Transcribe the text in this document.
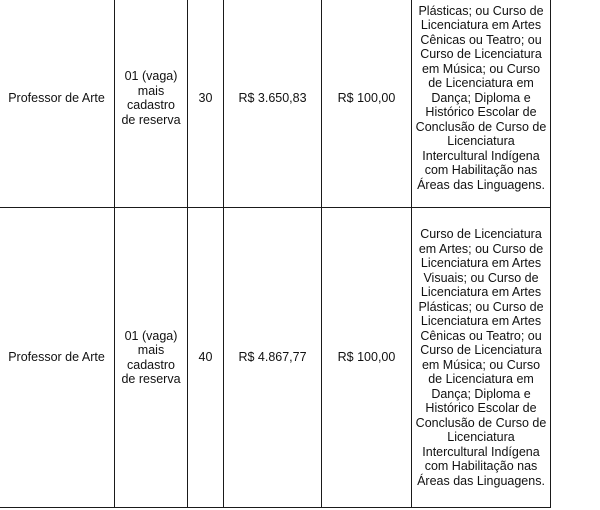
Professor de Arte	01 (vaga) mais cadastro de reserva	30	R$ 3.650,83	R$ 100,00	Plásticas; ou Curso de Licenciatura em Artes Cênicas ou Teatro; ou Curso de Licenciatura em Música; ou Curso de Licenciatura em Dança; Diploma e Histórico Escolar de Conclusão de Curso de Licenciatura Intercultural Indígena com Habilitação nas Áreas das Linguagens.
Professor de Arte	01 (vaga) mais cadastro de reserva	40	R$ 4.867,77	R$ 100,00	Curso de Licenciatura em Artes; ou Curso de Licenciatura em Artes Visuais; ou Curso de Licenciatura em Artes Plásticas; ou Curso de Licenciatura em Artes Cênicas ou Teatro; ou Curso de Licenciatura em Música; ou Curso de Licenciatura em Dança; Diploma e Histórico Escolar de Conclusão de Curso de Licenciatura Intercultural Indígena com Habilitação nas Áreas das Linguagens.
